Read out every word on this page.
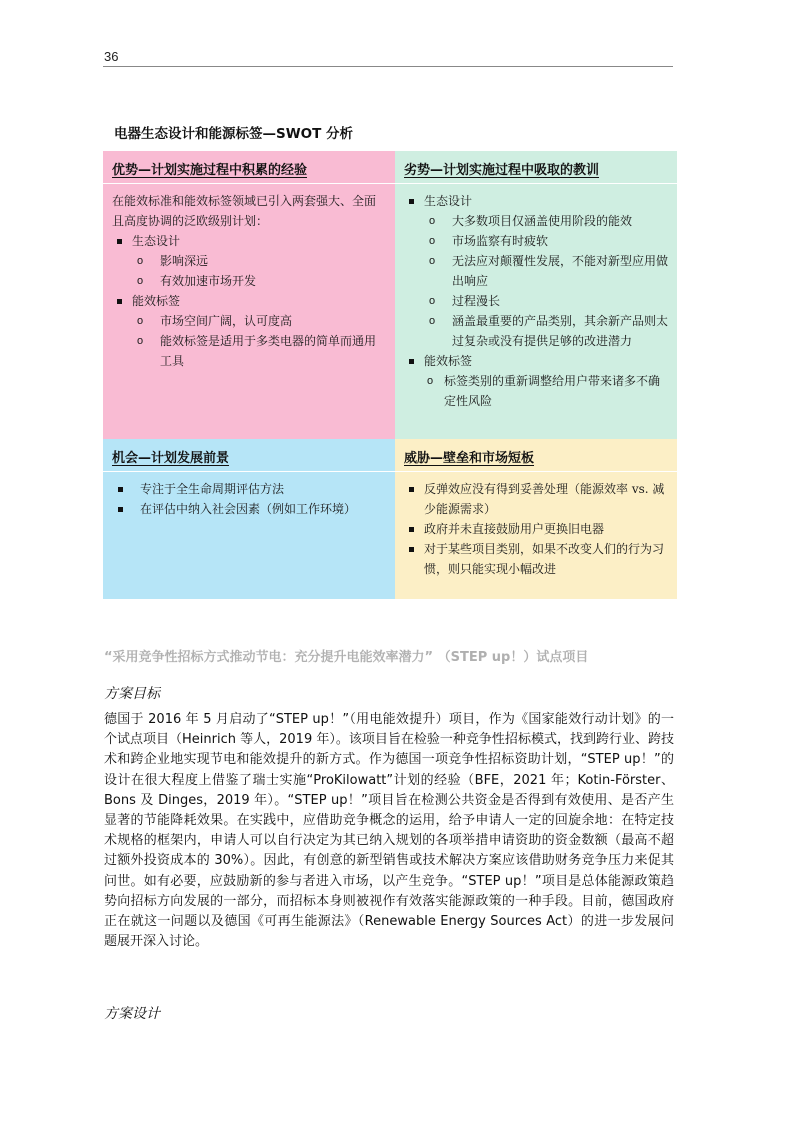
36
电器生态设计和能源标签—SWOT 分析
优势—计划实施过程中积累的经验

在能效标准和能效标签领域已引入两套强大、全面且高度协调的泛欧级别计划：

生态设计

o 影响深远

o 有效加速市场开发

能效标签

o 市场空间广阔，认可度高

o 能效标签是适用于多类电器的简单而通用工具

劣势—计划实施过程中吸取的教训

生态设计

o 大多数项目仅涵盖使用阶段的能效

o 市场监察有时疲软

o 无法应对颠覆性发展，不能对新型应用做出响应

o 过程漫长

o 涵盖最重要的产品类别，其余新产品则太过复杂或没有提供足够的改进潜力

能效标签

o 标签类别的重新调整给用户带来诸多不确定性风险

机会—计划发展前景

专注于全生命周期评估方法

在评估中纳入社会因素（例如工作环境）

威胁—壁垒和市场短板

反弹效应没有得到妥善处理（能源效率 vs. 减少能源需求）

政府并未直接鼓励用户更换旧电器

对于某些项目类别，如果不改变人们的行为习惯，则只能实现小幅改进

“采用竞争性招标方式推动节电：充分提升电能效率潜力” （STEP up！）试点项目
方案目标

德国于 2016 年 5 月启动了“STEP up！”（用电能效提升）项目，作为《国家能效行动计划》的一个试点项目（Heinrich 等人，2019 年）。该项目旨在检验一种竞争性招标模式，找到跨行业、跨技术和跨企业地实现节电和能效提升的新方式。作为德国一项竞争性招标资助计划，“STEP up！”的设计在很大程度上借鉴了瑞士实施“ProKilowatt”计划的经验（BFE，2021 年；Kotin-Förster、Bons 及 Dinges，2019 年）。“STEP up！”项目旨在检测公共资金是否得到有效使用、是否产生显著的节能降耗效果。在实践中，应借助竞争概念的运用，给予申请人一定的回旋余地：在特定技术规格的框架内，申请人可以自行决定为其已纳入规划的各项举措申请资助的资金数额（最高不超过额外投资成本的 30%）。因此，有创意的新型销售或技术解决方案应该借助财务竞争压力来促其问世。如有必要，应鼓励新的参与者进入市场，以产生竞争。“STEP up！”项目是总体能源政策趋势向招标方向发展的一部分，而招标本身则被视作有效落实能源政策的一种手段。目前，德国政府正在就这一问题以及德国《可再生能源法》（Renewable Energy Sources Act）的进一步发展问题展开深入讨论。

方案设计
